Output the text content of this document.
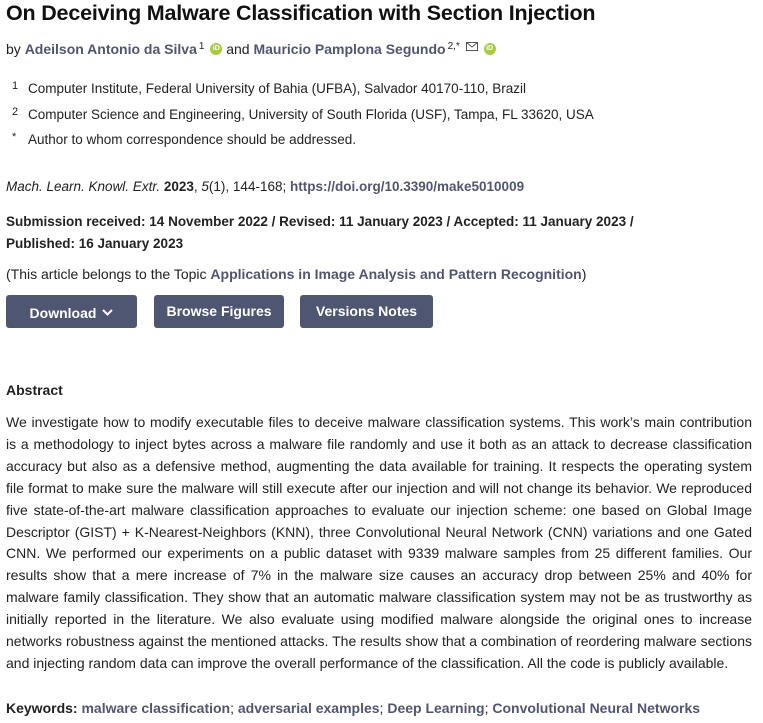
On Deceiving Malware Classification with Section Injection
by Adeilson Antonio da Silva $^1$ iD and Mauricio Pamplona Segundo $^{2,*}$	iD
1 Computer Institute, Federal University of Bahia (UFBA), Salvador 40170-110, Brazil
2 Computer Science and Engineering, University of South Florida (USF), Tampa, FL 33620, USA
* Author to whom correspondence should be addressed.
Mach. Learn. Knowl. Extr. 2023, 5(1), 144-168; https://doi.org/10.3390/make5010009
Submission received: 14 November 2022 / Revised: 11 January 2023 / Accepted: 11 January 2023 /
Published: 16 January 2023
(This article belongs to the Topic Applications in Image Analysis and Pattern Recognition)
Download	Browse Figures	Versions Notes
Abstract

We investigate how to modify executable files to deceive malware classification systems. This work’s main contribution is a methodology to inject bytes across a malware file randomly and use it both as an attack to decrease classification accuracy but also as a defensive method, augmenting the data available for training. It respects the operating system file format to make sure the malware will still execute after our injection and will not change its behavior. We reproduced five state-of-the-art malware classification approaches to evaluate our injection scheme: one based on Global Image Descriptor (GIST) + K-Nearest-Neighbors (KNN), three Convolutional Neural Network (CNN) variations and one Gated CNN. We performed our experiments on a public dataset with 9339 malware samples from 25 different families. Our results show that a mere increase of 7% in the malware size causes an accuracy drop between 25% and 40% for malware family classification. They show that an automatic malware classification system may not be as trustworthy as initially reported in the literature. We also evaluate using modified malware alongside the original ones to increase networks robustness against the mentioned attacks. The results show that a combination of reordering malware sections and injecting random data can improve the overall performance of the classification. All the code is publicly available.

Keywords: malware classification; adversarial examples; Deep Learning; Convolutional Neural Networks
